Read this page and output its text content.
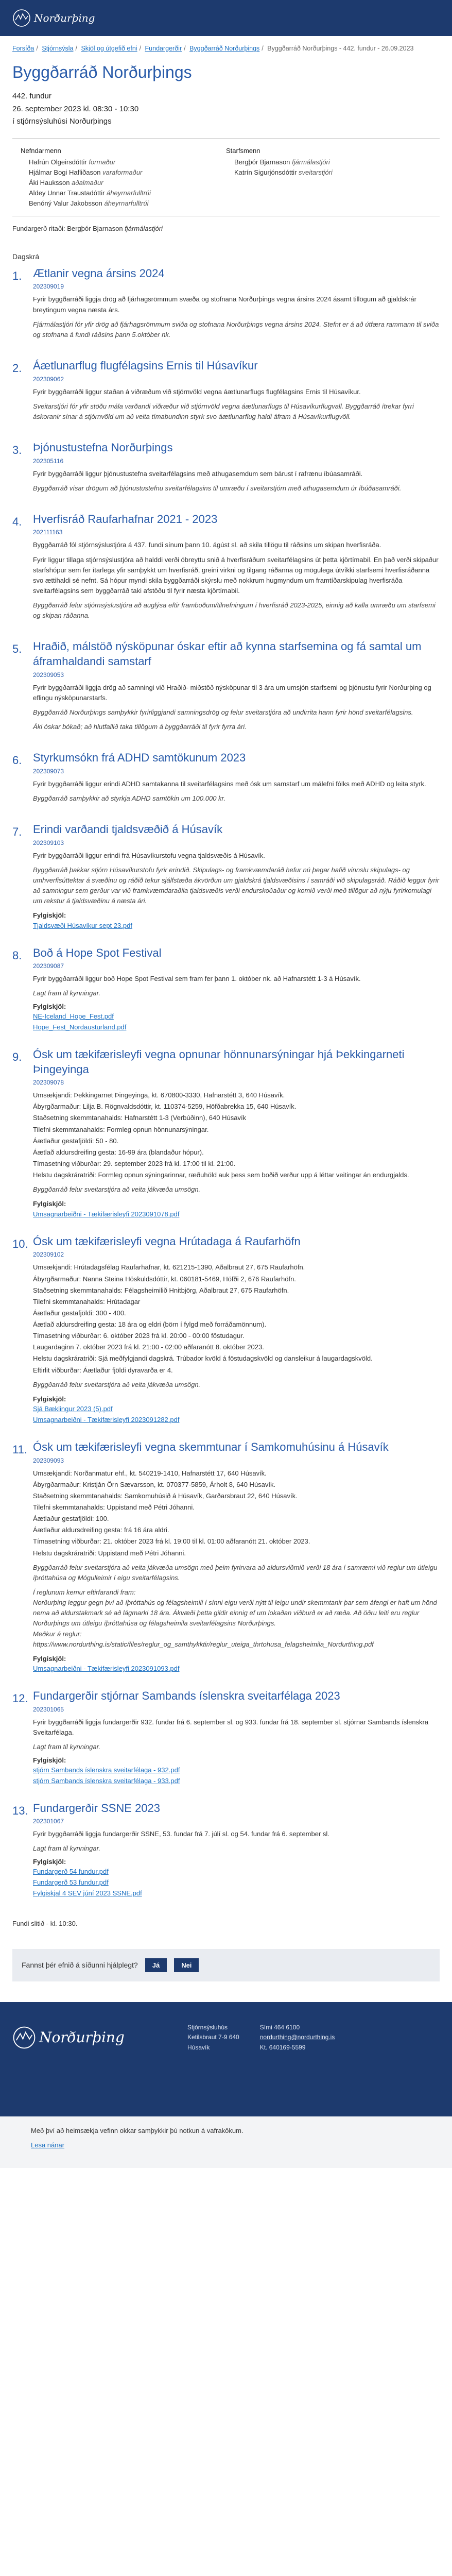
Norðurþing
Forsíða / Stjórnsýsla / Skjöl og útgefið efni / Fundargerðir / Byggðarráð Norðurþings / Byggðarráð Norðurþings - 442. fundur - 26.09.2023
Byggðarráð Norðurþings

442. fundur

26. september 2023 kl. 08:30 - 10:30

í stjórnsýsluhúsi Norðurþings

Nefndarmenn
Hafrún Olgeirsdóttir formaður
Hjálmar Bogi Hafliðason varaformaður
Áki Hauksson aðalmaður
Aldey Unnar Traustadóttir áheyrnarfulltrúi
Benóný Valur Jakobsson áheyrnarfulltrúi
Starfsmenn
Bergþór Bjarnason fjármálastjóri
Katrín Sigurjónsdóttir sveitarstjóri
Fundargerð ritaði: Bergþór Bjarnason fjármálastjóri
Dagskrá
1. Ætlanir vegna ársins 2024
202309019

Fyrir byggðarráði liggja drög að fjárhagsrömmum svæða og stofnana Norðurþings vegna ársins 2024 ásamt tillögum að gjaldskrár breytingum vegna næsta árs.

Fjármálastjóri fór yfir drög að fjárhagsrömmum sviða og stofnana Norðurþings vegna ársins 2024. Stefnt er á að útfæra rammann til sviða og stofnana á fundi ráðsins þann 5.október nk.

2. Áætlunarflug flugfélagsins Ernis til Húsavíkur
202309062

Fyrir byggðarráði liggur staðan á viðræðum við stjórnvöld vegna áætlunarflugs flugfélagsins Ernis til Húsavíkur.

Sveitarstjóri fór yfir stöðu mála varðandi viðræður við stjórnvöld vegna áætlunarflugs til Húsavíkurflugvall. Byggðarráð ítrekar fyrri áskoranir sínar á stjórnvöld um að veita tímabundinn styrk svo áætlunarflug haldi áfram á Húsavíkurflugvöll.

3. Þjónustustefna Norðurþings
202305116

Fyrir byggðarráði liggur þjónustustefna sveitarfélagsins með athugasemdum sem bárust í rafrænu íbúasamráði.

Byggðarráð vísar drögum að þjónustustefnu sveitarfélagsins til umræðu í sveitarstjórn með athugasemdum úr íbúðasamráði.

4. Hverfisráð Raufarhafnar 2021 - 2023
202111163

Byggðarráð fól stjórnsýslustjóra á 437. fundi sínum þann 10. ágúst sl. að skila tillögu til ráðsins um skipan hverfisráða.

Fyrir liggur tillaga stjórnsýslustjóra að halddi verði óbreyttu snið á hverfisráðum sveitarfélagsins út þetta kjörtímabil. En það verði skipaður starfshópur sem fer ítarlega yfir samþykkt um hverfisráð, greini virkni og tilgang ráðanna og mögulega útvíkki starfsemi hverfisráðanna svo ættihaldi sé nefnt. Sá hópur myndi skila byggðarráði skýrslu með nokkrum hugmyndum um framtíðarskipulag hverfisráða sveitarfélagsins sem byggðarráð taki afstöðu til fyrir næsta kjörtímabil.

Byggðarráð felur stjórnsýslustjóra að auglýsa eftir framboðum/tilnefningum í hverfisráð 2023-2025, einnig að kalla umræðu um starfsemi og skipan ráðanna.

5. Hraðið, málstöð nýsköpunar óskar eftir að kynna starfsemina og fá samtal um áframhaldandi samstarf
202309053

Fyrir byggðarráði liggja drög að samningi við Hraðið- miðstöð nýsköpunar til 3 ára um umsjón starfsemi og þjónustu fyrir Norðurþing og eflingu nýsköpunarstarfs.

Byggðarráð Norðurþings samþykkir fyrirliggjandi samningsdrög og felur sveitarstjóra að undirrita hann fyrir hönd sveitarfélagsins.

Áki óskar bókað; að hlutfallið taka tillögum á byggðarráði til fyrir fyrra ári.

6. Styrkumsókn frá ADHD samtökunum 2023
202309073

Fyrir byggðarráði liggur erindi ADHD samtakanna til sveitarfélagsins með ósk um samstarf um málefni fólks með ADHD og leita styrk.

Byggðarráð samþykkir að styrkja ADHD samtökin um 100.000 kr.

7. Erindi varðandi tjaldsvæðið á Húsavík
202309103

Fyrir byggðarráði liggur erindi frá Húsavíkurstofu vegna tjaldsvæðis á Húsavík.

Byggðarráð þakkar stjórn Húsavíkurstofu fyrir erindið. Skipulags- og framkvæmdaráð hefur nú þegar hafið vinnslu skipulags- og umhverfisúttektar á svæðinu og ráðið tekur sjálfstæða ákvörðun um gjaldskrá tjaldsvæðisins í samráði við skipulagsráð. Ráðið leggur fyrir að samningur sem gerður var við framkvæmdaraðila tjaldsvæðis verði endurskoðaður og komið verði með tillögur að nýju fyrirkomulagi um rekstur á tjaldsvæðinu á næsta ári.

Fylgiskjöl:
Tjaldsvæði Húsavíkur sept 23.pdf
8. Boð á Hope Spot Festival
202309087

Fyrir byggðarráði liggur boð Hope Spot Festival sem fram fer þann 1. október nk. að Hafnarstétt 1-3 á Húsavík.

Lagt fram til kynningar.
Fylgiskjöl:
NE-Iceland_Hope_Fest.pdf
Hope_Fest_Nordausturland.pdf
9. Ósk um tækifærisleyfi vegna opnunar hönnunarsýningar hjá Þekkingarneti Þingeyinga
202309078

Umsækjandi: Þekkingarnet Þingeyinga, kt. 670800-3330, Hafnarstétt 3, 640 Húsavík.

Ábyrgðarmaður: Lilja B. Rögnvaldsdóttir, kt. 110374-5259, Höfðabrekka 15, 640 Húsavík.

Staðsetning skemmtanahalds: Hafnarstétt 1-3 (Verbúðinn), 640 Húsavík

Tilefni skemmtanahalds: Formleg opnun hönnunarsýningar.

Áætlaður gestafjöldi: 50 - 80.

Áætlað aldursdreifing gesta: 16-99 ára (blandaður hópur).

Tímasetning viðburðar: 29. september 2023 frá kl. 17:00 til kl. 21:00.

Helstu dagskráratriði: Formleg opnun sýningarinnar, ræðuhöld auk þess sem boðið verður upp á léttar veitingar án endurgjalds.

Byggðarráð felur sveitarstjóra að veita jákvæða umsögn.

Fylgiskjöl:
Umsagnarbeiðni - Tækifærisleyfi 2023091078.pdf
10. Ósk um tækifærisleyfi vegna Hrútadaga á Raufarhöfn
202309102

Umsækjandi: Hrútadagsfélag Raufarhafnar, kt. 621215-1390, Aðalbraut 27, 675 Raufarhöfn.

Ábyrgðarmaður: Nanna Steina Höskuldsdóttir, kt. 060181-5469, Höfði 2, 676 Raufarhöfn.

Staðsetning skemmtanahalds: Félagsheimilið Hnitbjörg, Aðalbraut 27, 675 Raufarhöfn.

Tilefni skemmtanahalds: Hrútadagar

Áætlaður gestafjöldi: 300 - 400.

Áætlað aldursdreifing gesta: 18 ára og eldri (börn í fylgd með forráðamönnum).

Tímasetning viðburðar: 6. október 2023 frá kl. 20:00 - 00:00 föstudagur.

Laugardaginn 7. október 2023 frá kl. 21:00 - 02:00 aðfaranótt 8. október 2023.

Helstu dagskráratriði: Sjá meðfylgjandi dagskrá. Trúbador kvöld á föstudagskvöld og dansleikur á laugardagskvöld.

Eftirlit viðburðar: Áætlaður fjöldi dyravarða er 4.

Byggðarráð felur sveitarstjóra að veita jákvæða umsögn.

Fylgiskjöl:
Sjá Bæklingur 2023 (5).pdf
Umsagnarbeiðni - Tækifærisleyfi 2023091282.pdf
11. Ósk um tækifærisleyfi vegna skemmtunar í Samkomuhúsinu á Húsavík
202309093

Umsækjandi: Norðanmatur ehf., kt. 540219-1410, Hafnarstétt 17, 640 Húsavík.

Ábyrgðarmaður: Kristján Örn Sævarsson, kt. 070377-5859, Árholt 8, 640 Húsavík.

Staðsetning skemmtanahalds: Samkomuhúsið á Húsavík, Garðarsbraut 22, 640 Húsavík.

Tilefni skemmtanahalds: Uppistand með Pétri Jóhanni.

Áætlaður gestafjöldi: 100.

Áætlaður aldursdreifing gesta: frá 16 ára aldri.

Tímasetning viðburðar: 21. október 2023 frá kl. 19:00 til kl. 01:00 aðfaranótt 21. október 2023.

Helstu dagskráratriði: Uppistand með Pétri Jóhanni.

Byggðarráð felur sveitarstjóra að veita jákvæða umsögn með þeim fyrirvara að aldursviðmið verði 18 ára í samræmi við reglur um útleigu íþróttahúsa og Mógulleimir í eigu sveitarfélagsins.

Í reglunum kemur eftirfarandi fram:
Norðurþing leggur gegn því að íþróttahús og félagsheimili í sínni eigu verði nýtt til leigu undir skemmtanir þar sem áfengi er haft um hönd nema að aldurstakmark sé að lágmarki 18 ára. Ákvæði þetta gildir einnig ef um lokaðan viðburð er að ræða. Að öðru leiti eru reglur Norðurþings um útleigu íþróttahúsa og félagsheimila sveitarfélagsins Norðurþings.
Meðkur á reglur:
https://www.nordurthing.is/static/files/reglur_og_samthykktir/reglur_uteiga_thrtohusa_felagsheimila_Nordurthing.pdf

Fylgiskjöl:
Umsagnarbeiðni - Tækifærisleyfi 2023091093.pdf
12. Fundargerðir stjórnar Sambands íslenskra sveitarfélaga 2023
202301065

Fyrir byggðarráði liggja fundargerðir 932. fundar frá 6. september sl. og 933. fundar frá 18. september sl. stjórnar Sambands íslenskra Sveitarfélaga.

Lagt fram til kynningar.
Fylgiskjöl:
stjórn Sambands íslenskra sveitarfélaga - 932.pdf
stjórn Sambands íslenskra sveitarfélaga - 933.pdf
13. Fundargerðir SSNE 2023
202301067

Fyrir byggðarráði liggja fundargerðir SSNE, 53. fundar frá 7. júlí sl. og 54. fundar frá 6. september sl.

Lagt fram til kynningar.
Fylgiskjöl:
Fundargerð 54 fundur.pdf
Fundargerð 53 fundur.pdf
Fylgiskjal 4 SEV júní 2023 SSNE.pdf
Fundi slitið - kl. 10:30.
Fannst þér efnið á síðunni hjálplegt?	Já	Nei
Norðurþing
Stjórnsýsluhús
Ketilsbraut 7-9 640
Húsavík
Sími 464 6100
nordurthing@nordurthing.is
Kt. 640169-5599
Með því að heimsækja vefinn okkar samþykkir þú notkun á vafrakökum.
Lesa nánar
